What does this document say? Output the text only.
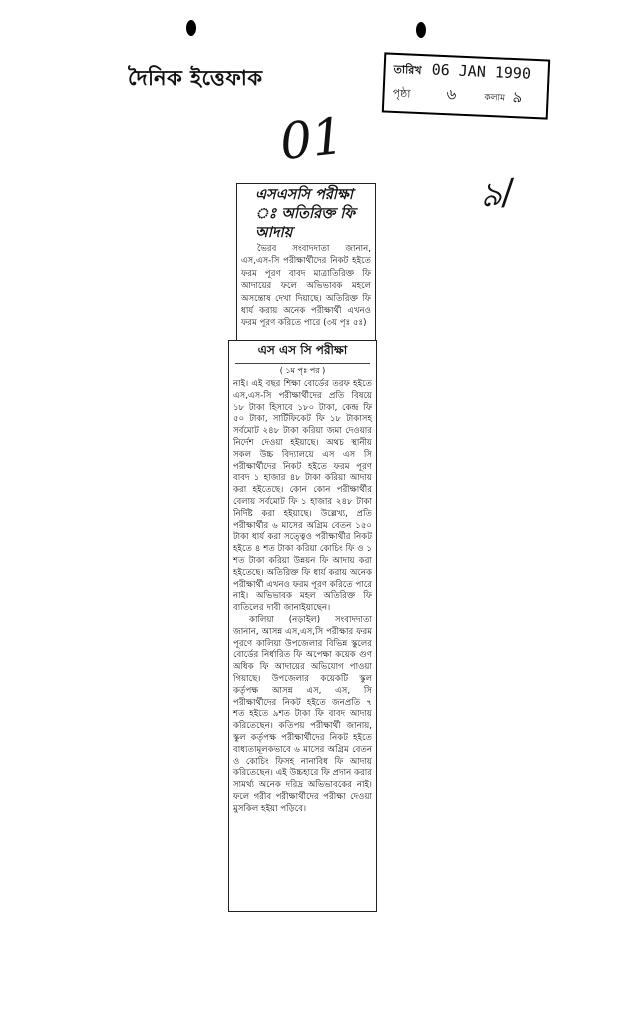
দৈনিক ইত্তেফাক	তারিখ 06 JAN 1990
পৃষ্ঠা ৬	কলাম ৯
01
৯/
এসএসসি পরীক্ষা ঃ অতিরিক্ত ফি আদায়
ভৈরব সংবাদদাতা জানান, এস,এস-সি পরীক্ষার্থীদের নিকট হইতে ফরম পূরণ বাবদ মাত্রাতিরিক্ত ফি আদায়ের ফলে অভিভাবক মহলে অসন্তোষ দেখা দিয়াছে। অতিরিক্ত ফি ধার্য করায় অনেক পরীক্ষার্থী এখনও ফরম পূরণ করিতে পারে (৩য় পৃঃ ৫ঃ)
এস এস সি পরীক্ষা
( ১ম পৃঃ পর )
নাই। এই বছর শিক্ষা বোর্ডের তরফ হইতে এস,এস-সি পরীক্ষার্থীদের প্রতি বিষয়ে ১৮ টাকা হিসাবে ১৮০ টাকা, কেন্দ্র ফি ৫০ টাকা, সার্টিফিকেট ফি ১৮ টাকাসহ সর্বমোট ২৪৮ টাকা করিয়া জমা দেওয়ার নির্দেশ দেওয়া হইয়াছে। অথচ স্থানীয় সকল উচ্চ বিদ্যালয়ে এস এস সি পরীক্ষার্থীদের নিকট হইতে ফরম পূরণ বাবদ ১ হাজার ৪৮ টাকা করিয়া আদায় করা হইতেছে। কোন কোন পরীক্ষার্থীর বেলায় সর্বমোট ফি ১ হাজার ২৪৮ টাকা নির্দিষ্ট করা হইয়াছে। উল্লেখ্য, প্রতি পরীক্ষার্থীর ৬ মাসের অগ্রিম বেতন ১৫০ টাকা ধার্য করা সত্ত্বেও পরীক্ষার্থীর নিকট হইতে ৪ শত টাকা করিয়া কোচিং ফি ও ১ শত টাকা করিয়া উন্নয়ন ফি আদায় করা হইতেছে। অতিরিক্ত ফি ধার্য করায় অনেক পরীক্ষার্থী এখনও ফরম পূরণ করিতে পারে নাই। অভিভাবক মহল অতিরিক্ত ফি বাতিলের দাবী জানাইয়াছেন।
কালিয়া (নড়াইল) সংবাদদাতা জানান, আসন্ন এস,এস,সি পরীক্ষার ফরম পূরণে কালিয়া উপজেলার বিভিন্ন স্কুলের বোর্ডের নির্ধারিত ফি অপেক্ষা কয়েক গুণ অধিক ফি আদায়ের অভিযোগ পাওয়া গিয়াছে। উপজেলার কয়েকটি স্কুল কর্তৃপক্ষ আসন্ন এস, এস, সি পরীক্ষার্থীদের নিকট হইতে জনপ্রতি ৭ শত হইতে ৯শত টাকা ফি বাবদ আদায় করিতেছেন। কতিপয় পরীক্ষার্থী জানায়, স্কুল কর্তৃপক্ষ পরীক্ষার্থীদের নিকট হইতে বাধ্যতামূলকভাবে ৬ মাসের অগ্রিম বেতন ও কোচিং ফিসহ নানাবিধ ফি আদায় করিতেছেন। এই উচ্চহারে ফি প্রদান করার সামর্থ্য অনেক দরিদ্র অভিভাবকের নাই। ফলে গরীব পরীক্ষার্থীদের পরীক্ষা দেওয়া মুসকিল হইয়া পড়িবে।
